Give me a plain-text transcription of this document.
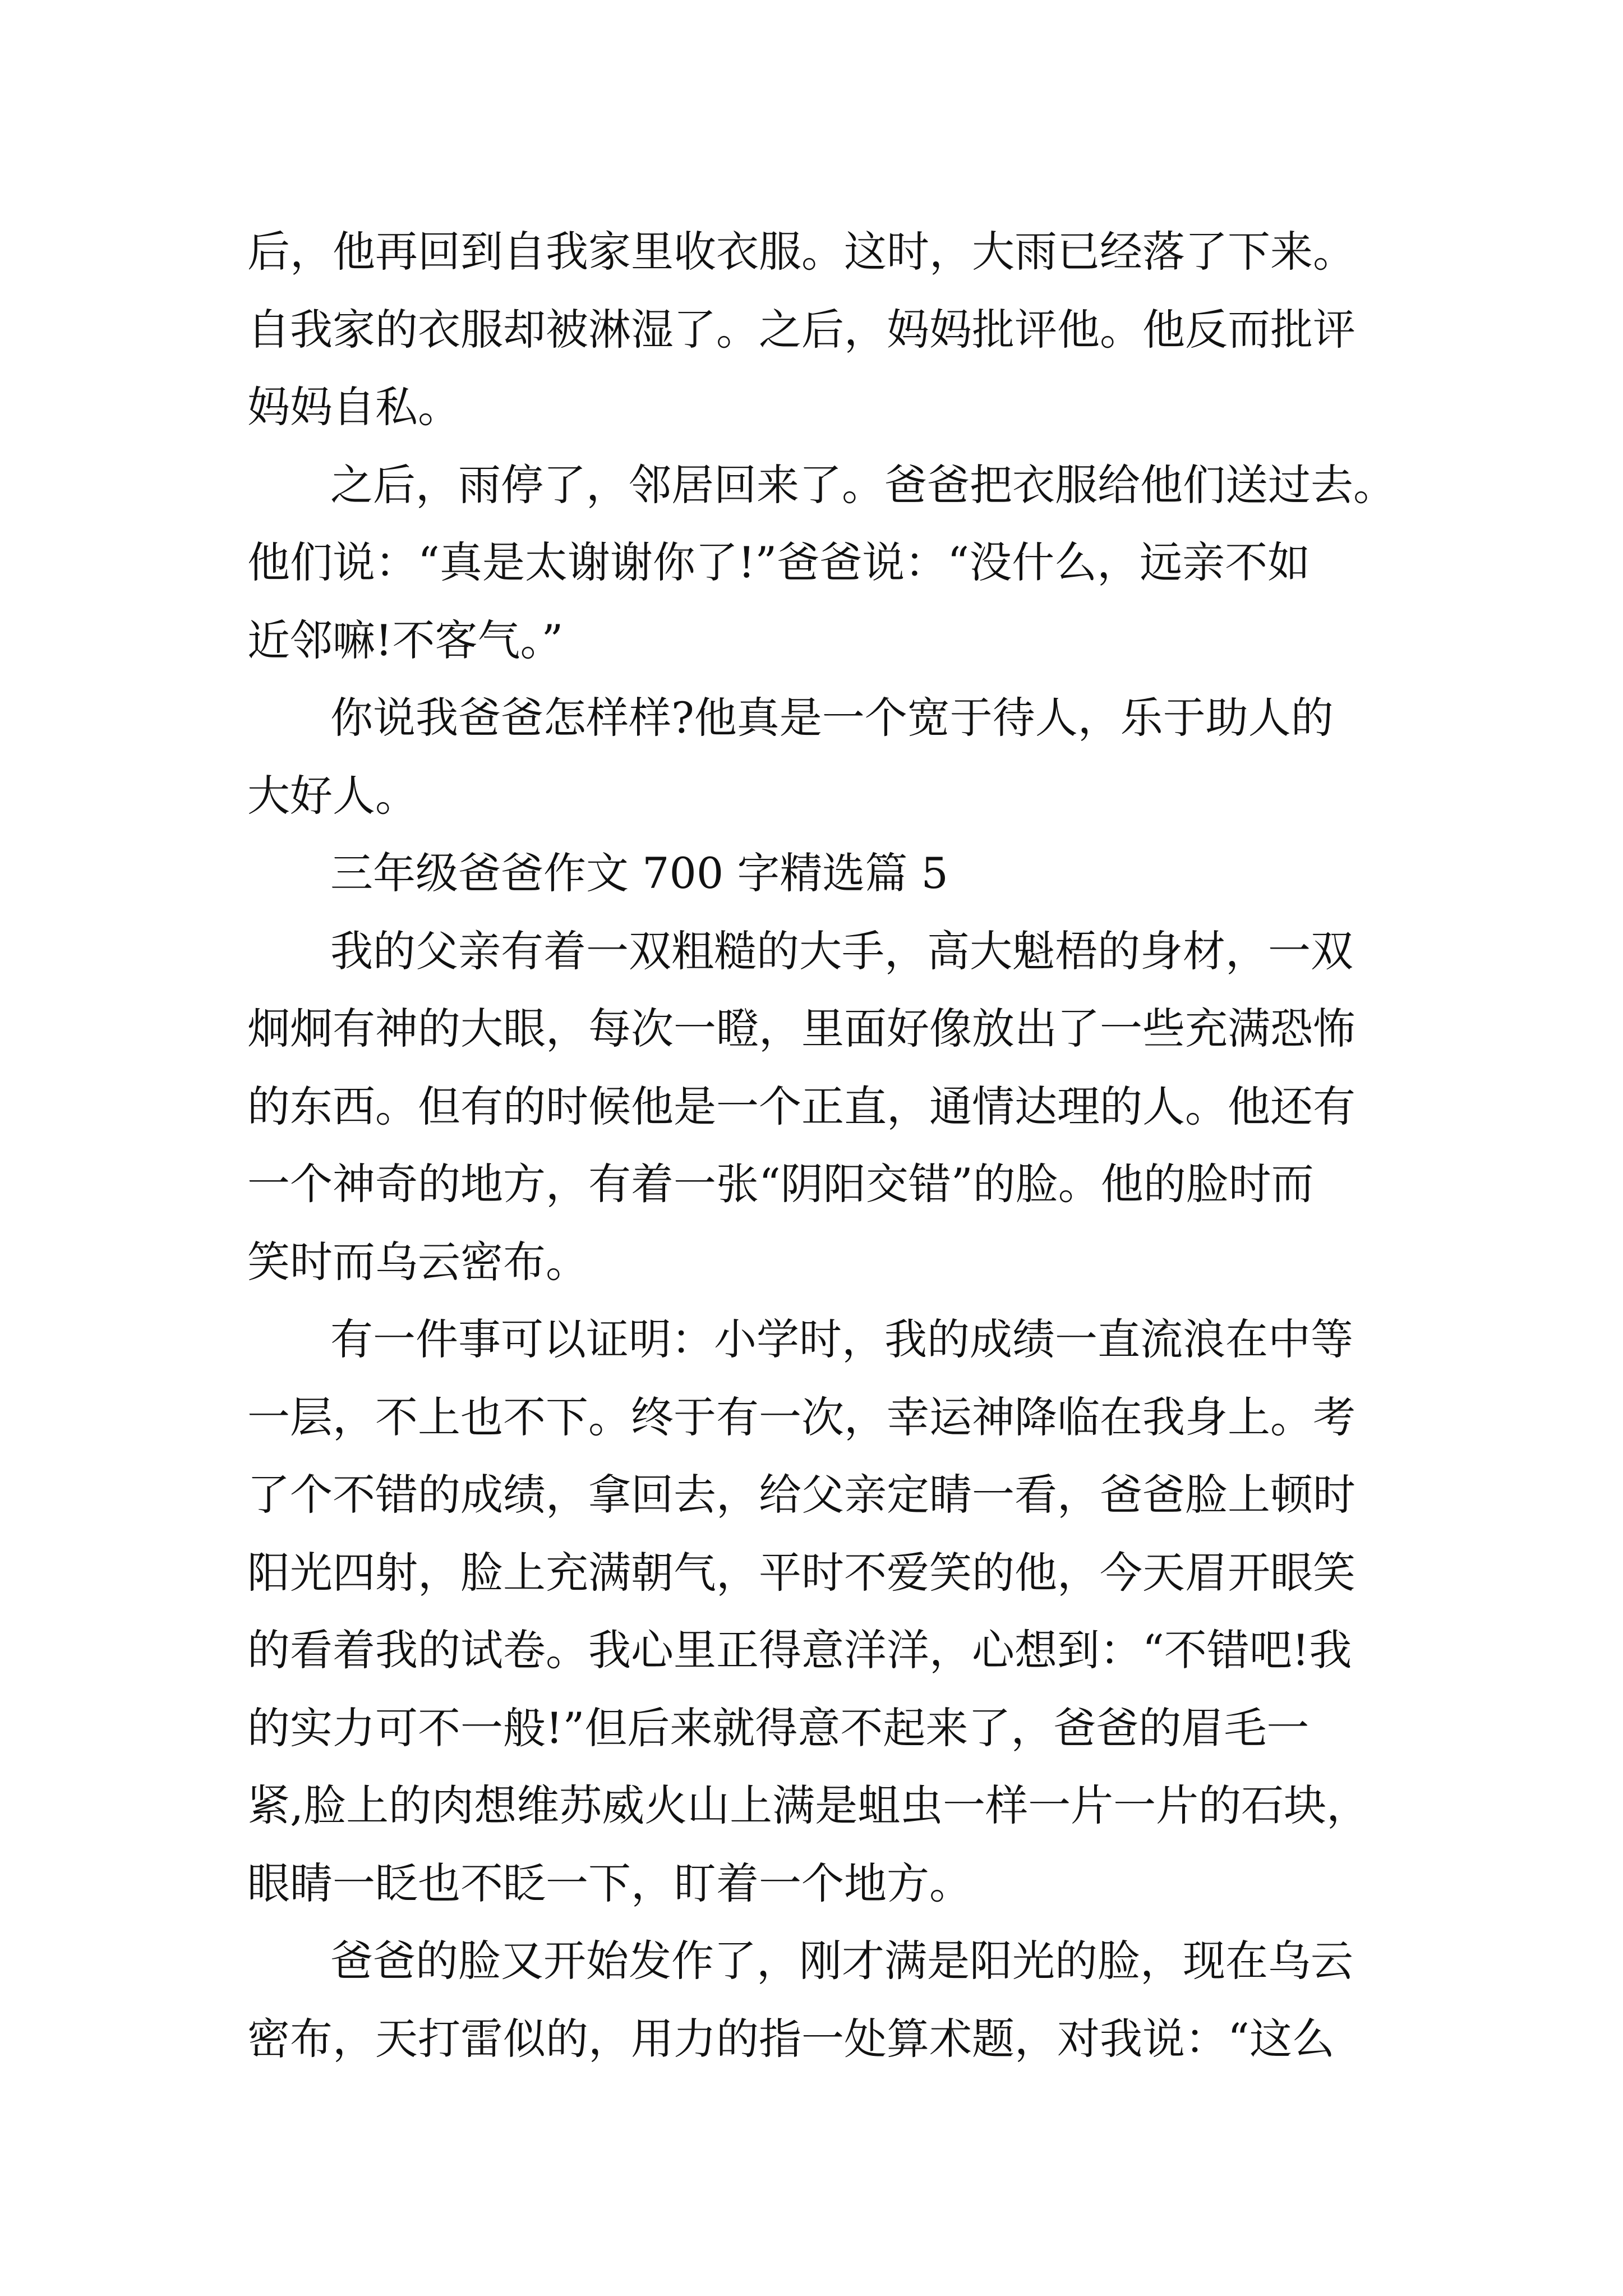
后，他再回到自我家里收衣服。这时，大雨已经落了下来。
自我家的衣服却被淋湿了。之后，妈妈批评他。他反而批评
妈妈自私。
之后，雨停了，邻居回来了。爸爸把衣服给他们送过去。
他们说：“真是太谢谢你了!”爸爸说：“没什么，远亲不如
近邻嘛!不客气。”
你说我爸爸怎样样?他真是一个宽于待人，乐于助人的
大好人。
三年级爸爸作文 700 字精选篇 5
我的父亲有着一双粗糙的大手，高大魁梧的身材，一双
炯炯有神的大眼，每次一瞪，里面好像放出了一些充满恐怖
的东西。但有的时候他是一个正直，通情达理的人。他还有
一个神奇的地方，有着一张“阴阳交错”的脸。他的脸时而
笑时而乌云密布。
有一件事可以证明：小学时，我的成绩一直流浪在中等
一层，不上也不下。终于有一次，幸运神降临在我身上。考
了个不错的成绩，拿回去，给父亲定睛一看，爸爸脸上顿时
阳光四射，脸上充满朝气，平时不爱笑的他，今天眉开眼笑
的看着我的试卷。我心里正得意洋洋，心想到：“不错吧!我
的实力可不一般!”但后来就得意不起来了，爸爸的眉毛一
紧,脸上的肉想维苏威火山上满是蛆虫一样一片一片的石块，
眼睛一眨也不眨一下，盯着一个地方。
爸爸的脸又开始发作了，刚才满是阳光的脸，现在乌云
密布，天打雷似的，用力的指一处算术题，对我说：“这么
